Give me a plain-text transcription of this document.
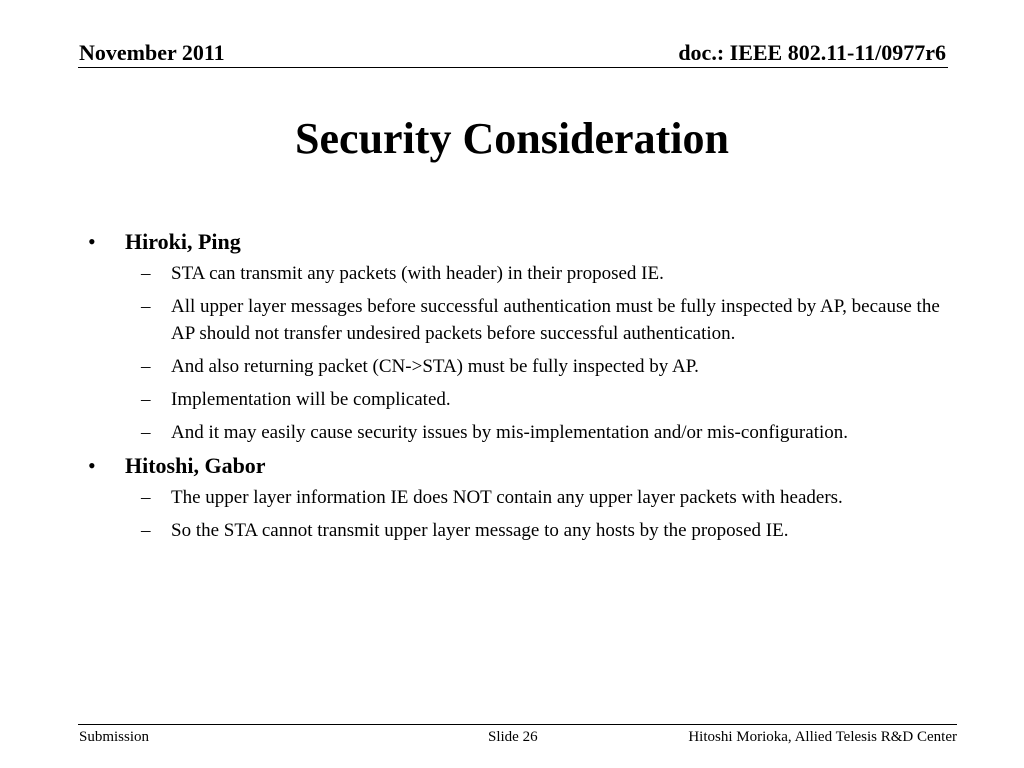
November 2011	doc.: IEEE 802.11-11/0977r6
Security Consideration
• Hiroki, Ping
– STA can transmit any packets (with header) in their proposed IE.
– All upper layer messages before successful authentication must be fully inspected by AP, because the AP should not transfer undesired packets before successful authentication.
– And also returning packet (CN->STA) must be fully inspected by AP.
– Implementation will be complicated.
– And it may easily cause security issues by mis-implementation and/or mis-configuration.
• Hitoshi, Gabor
– The upper layer information IE does NOT contain any upper layer packets with headers.
– So the STA cannot transmit upper layer message to any hosts by the proposed IE.
Submission	Slide 26	Hitoshi Morioka, Allied Telesis R&D Center
